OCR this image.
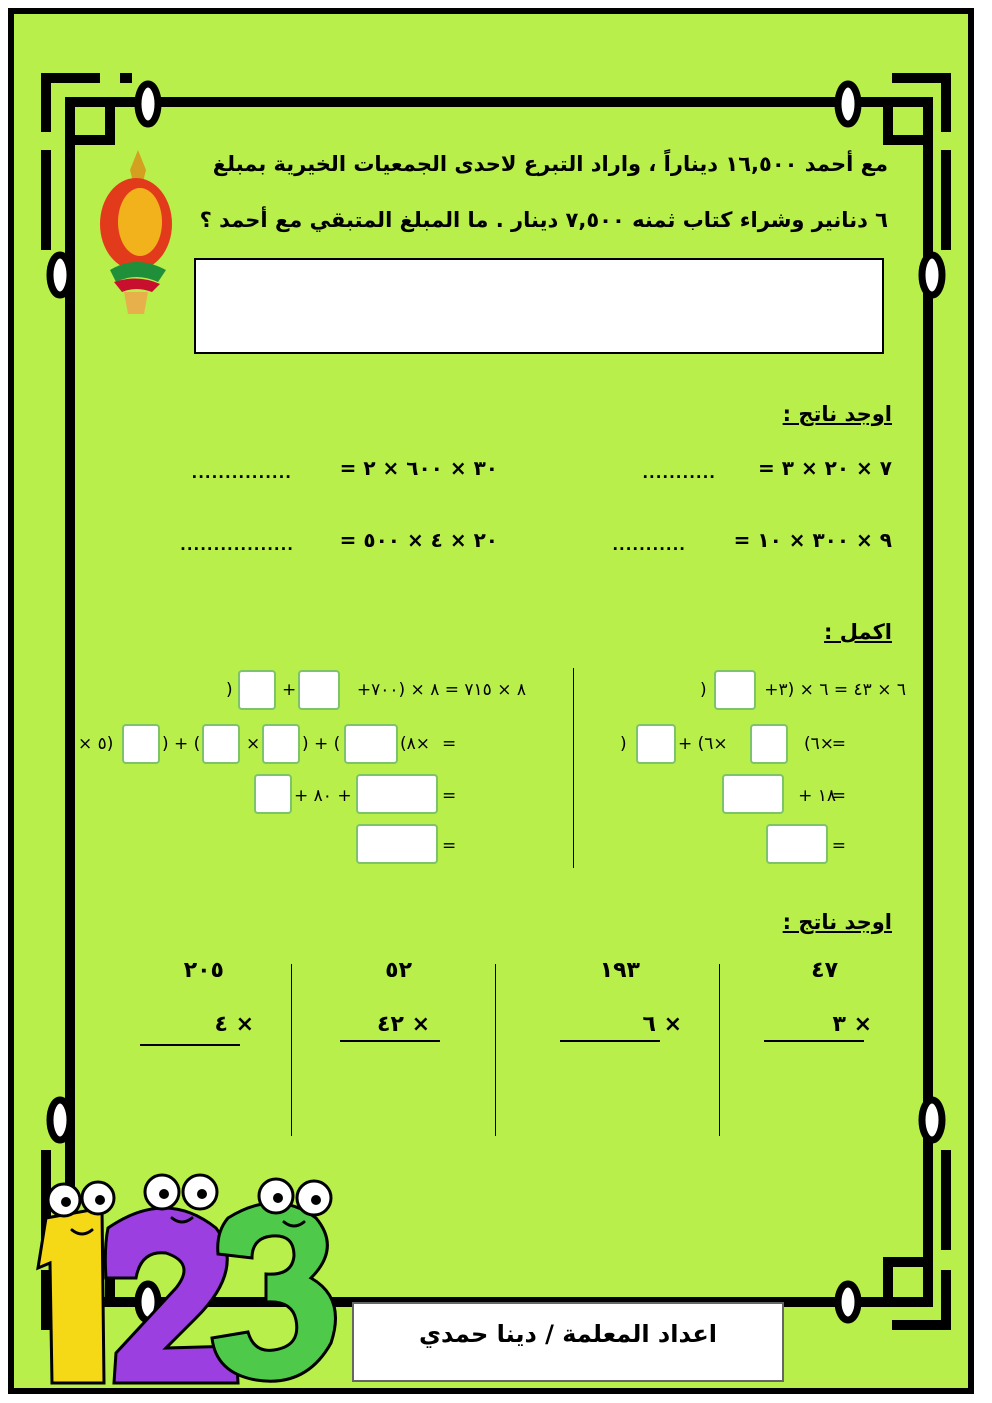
مع أحمد ١٦,٥٠٠ ديناراً ، واراد التبرع لاحدى الجمعيات الخيرية بمبلغ
٦ دنانير وشراء كتاب ثمنه ٧,٥٠٠ دينار . ما المبلغ المتبقي مع أحمد ؟
اوجد ناتج :
٧ × ٢٠ × ٣ =
...........
٣٠ × ٦٠٠ × ٢ =
...............
٩ × ٣٠٠ × ١٠ =
...........
٢٠ × ٤ × ٥٠٠ =
.................
اكمل :
٦ × ٤٣ = ٦ × (٣+
)
=
(٦×
+ (٦×
)
=
١٨ +
=
٨ × ٧١٥ = ٨ × (٧٠٠+
+
)
=
(٨×
) + (
×
) + (
× ٥)
=
+ ٨٠ +
=
اوجد ناتج :
٤٧
× ٣
١٩٣
× ٦
٥٢
× ٤٢
٢٠٥
× ٤
اعداد المعلمة / دينا حمدي
